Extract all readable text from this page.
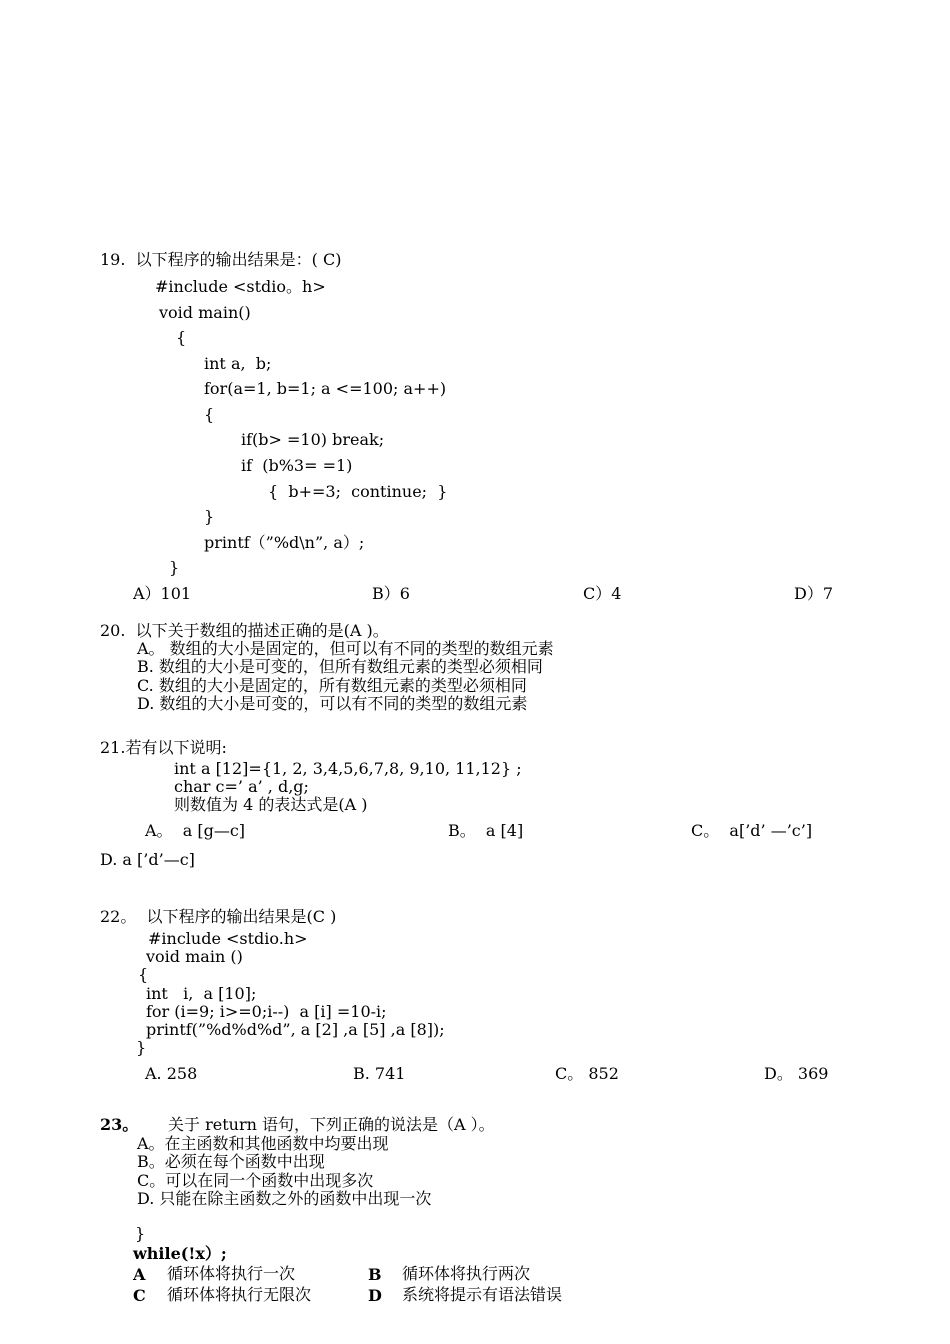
19.  以下程序的输出结果是：( C)
#include <stdio。h>
void main()
{
int a,  b;
for(a=1, b=1; a <=100; a++)
{
if(b> =10) break;
if  (b%3= =1)
{  b+=3;  continue;  }
}
printf（”%d\n”, a）;
}
A）101	B）6	C）4	D）7
20.  以下关于数组的描述正确的是(A )。
A。 数组的大小是固定的，但可以有不同的类型的数组元素
B. 数组的大小是可变的，但所有数组元素的类型必须相同
C. 数组的大小是固定的，所有数组元素的类型必须相同
D. 数组的大小是可变的，可以有不同的类型的数组元素
21.若有以下说明:
int a [12]={1, 2, 3,4,5,6,7,8, 9,10, 11,12} ;
char c=’ a’ , d,g;
则数值为 4 的表达式是(A )
A。  a [g—c]	B。  a [4]	C。  a[’d’ —’c’]
D. a [’d’—c]
22。  以下程序的输出结果是(C )
#include <stdio.h>
void main ()
{
int   i,  a [10];
for (i=9; i>=0;i--)  a [i] =10-i;
printf(”%d%d%d”, a [2] ,a [5] ,a [8]);
}
A. 258	B. 741	C。 852	D。 369
23。 关于 return 语句，下列正确的说法是（A ）。
A。在主函数和其他函数中均要出现
B。必须在每个函数中出现
C。可以在同一个函数中出现多次
D. 只能在除主函数之外的函数中出现一次
}
while(!x）;
A 循环体将执行一次	B 循环体将执行两次
C 循环体将执行无限次	D 系统将提示有语法错误
